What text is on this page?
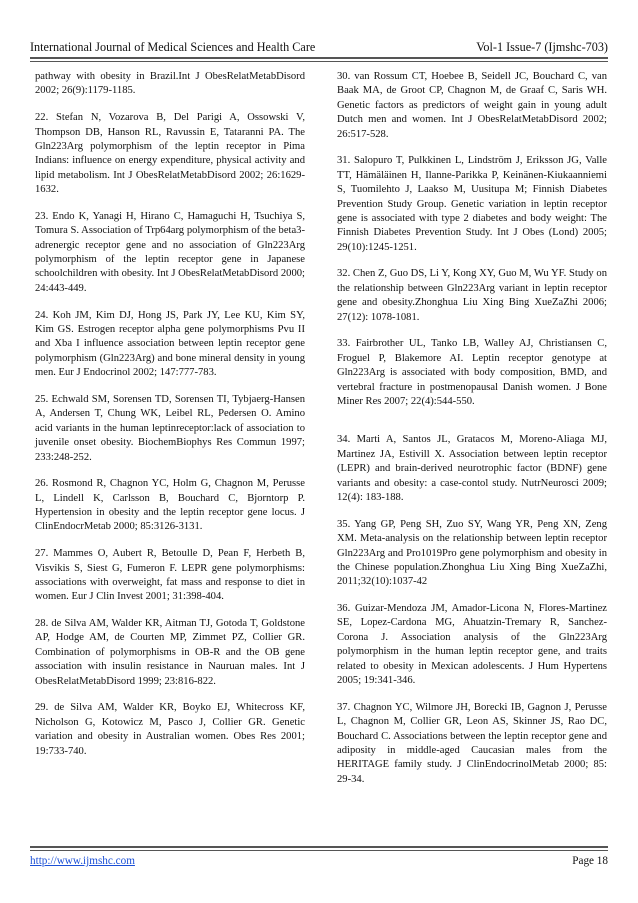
International Journal of Medical Sciences and Health Care	Vol-1 Issue-7 (Ijmshc-703)

pathway with obesity in Brazil.Int J ObesRelatMetabDisord 2002; 26(9):1179-1185.

22. Stefan N, Vozarova B, Del Parigi A, Ossowski V, Thompson DB, Hanson RL, Ravussin E, Tataranni PA. The Gln223Arg polymorphism of the leptin receptor in Pima Indians: influence on energy expenditure, physical activity and lipid metabolism. Int J ObesRelatMetabDisord 2002; 26:1629-1632.

23. Endo K, Yanagi H, Hirano C, Hamaguchi H, Tsuchiya S, Tomura S. Association of Trp64arg polymorphism of the beta3-adrenergic receptor gene and no association of Gln223Arg polymorphism of the leptin receptor gene in Japanese schoolchildren with obesity. Int J ObesRelatMetabDisord 2000; 24:443-449.

24. Koh JM, Kim DJ, Hong JS, Park JY, Lee KU, Kim SY, Kim GS. Estrogen receptor alpha gene polymorphisms Pvu II and Xba I influence association between leptin receptor gene polymorphism (Gln223Arg) and bone mineral density in young men. Eur J Endocrinol 2002; 147:777-783.

25. Echwald SM, Sorensen TD, Sorensen TI, Tybjaerg-Hansen A, Andersen T, Chung WK, Leibel RL, Pedersen O. Amino acid variants in the human leptinreceptor:lack of association to juvenile onset obesity. BiochemBiophys Res Commun 1997; 233:248-252.

26. Rosmond R, Chagnon YC, Holm G, Chagnon M, Perusse L, Lindell K, Carlsson B, Bouchard C, Bjorntorp P. Hypertension in obesity and the leptin receptor gene locus. J ClinEndocrMetab 2000; 85:3126-3131.

27. Mammes O, Aubert R, Betoulle D, Pean F, Herbeth B, Visvikis S, Siest G, Fumeron F. LEPR gene polymorphisms: associations with overweight, fat mass and response to diet in women. Eur J Clin Invest 2001; 31:398-404.

28. de Silva AM, Walder KR, Aitman TJ, Gotoda T, Goldstone AP, Hodge AM, de Courten MP, Zimmet PZ, Collier GR. Combination of polymorphisms in OB-R and the OB gene association with insulin resistance in Nauruan males. Int J ObesRelatMetabDisord 1999; 23:816-822.

29. de Silva AM, Walder KR, Boyko EJ, Whitecross KF, Nicholson G, Kotowicz M, Pasco J, Collier GR. Genetic variation and obesity in Australian women. Obes Res 2001; 19:733-740.

30. van Rossum CT, Hoebee B, Seidell JC, Bouchard C, van Baak MA, de Groot CP, Chagnon M, de Graaf C, Saris WH. Genetic factors as predictors of weight gain in young adult Dutch men and women. Int J ObesRelatMetabDisord 2002; 26:517-528.

31. Salopuro T, Pulkkinen L, Lindström J, Eriksson JG, Valle TT, Hämäläinen H, Ilanne-Parikka P, Keinänen-Kiukaanniemi S, Tuomilehto J, Laakso M, Uusitupa M; Finnish Diabetes Prevention Study Group. Genetic variation in leptin receptor gene is associated with type 2 diabetes and body weight: The Finnish Diabetes Prevention Study. Int J Obes (Lond) 2005; 29(10):1245-1251.

32. Chen Z, Guo DS, Li Y, Kong XY, Guo M, Wu YF. Study on the relationship between Gln223Arg variant in leptin receptor gene and obesity.Zhonghua Liu Xing Bing XueZaZhi 2006; 27(12): 1078-1081.

33. Fairbrother UL, Tanko LB, Walley AJ, Christiansen C, Froguel P, Blakemore AI. Leptin receptor genotype at Gln223Arg is associated with body composition, BMD, and vertebral fracture in postmenopausal Danish women. J Bone Miner Res 2007; 22(4):544-550.

34. Marti A, Santos JL, Gratacos M, Moreno-Aliaga MJ, Martinez JA, Estivill X. Association between leptin receptor (LEPR) and brain-derived neurotrophic factor (BDNF) gene variants and obesity: a case-contol study. NutrNeurosci 2009; 12(4): 183-188.

35. Yang GP, Peng SH, Zuo SY, Wang YR, Peng XN, Zeng XM. Meta-analysis on the relationship between leptin receptor Gln223Arg and Pro1019Pro gene polymorphism and obesity in the Chinese population.Zhonghua Liu Xing Bing XueZaZhi, 2011;32(10):1037-42

36. Guizar-Mendoza JM, Amador-Licona N, Flores-Martinez SE, Lopez-Cardona MG, Ahuatzin-Tremary R, Sanchez-Corona J. Association analysis of the Gln223Arg polymorphism in the human leptin receptor gene, and traits related to obesity in Mexican adolescents. J Hum Hypertens 2005; 19:341-346.

37. Chagnon YC, Wilmore JH, Borecki IB, Gagnon J, Perusse L, Chagnon M, Collier GR, Leon AS, Skinner JS, Rao DC, Bouchard C. Associations between the leptin receptor gene and adiposity in middle-aged Caucasian males from the HERITAGE family study. J ClinEndocrinolMetab 2000; 85: 29-34.

http://www.ijmshc.com	Page 18
